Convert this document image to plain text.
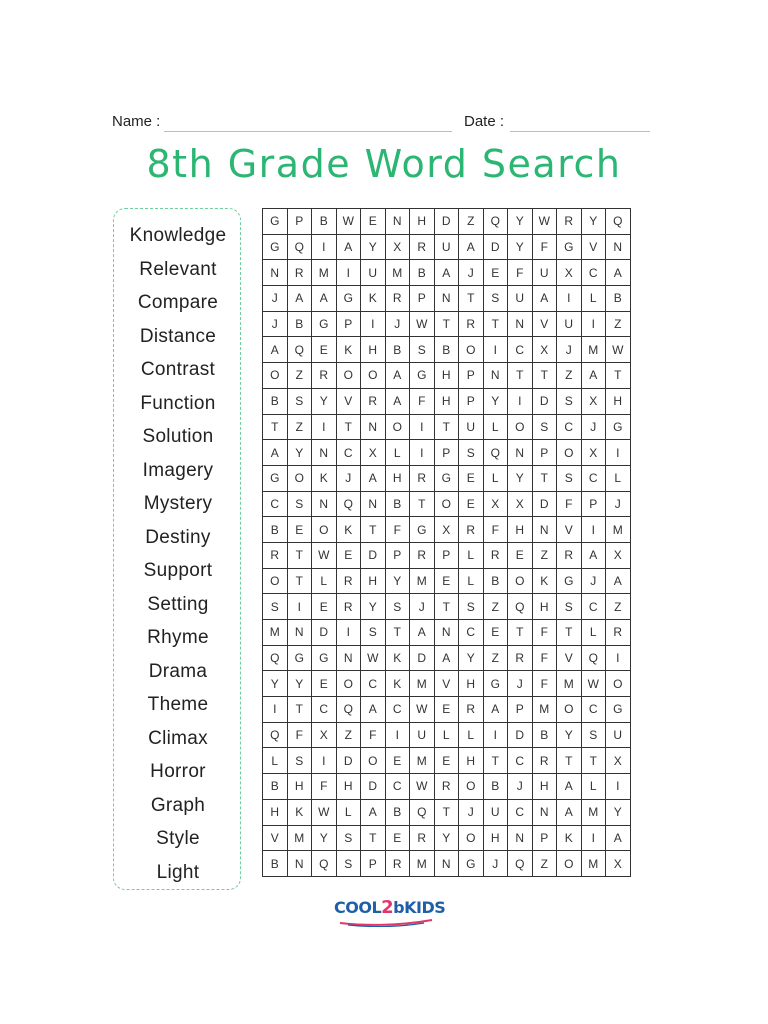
Name :	Date :
8th Grade Word Search
Knowledge
Relevant
Compare
Distance
Contrast
Function
Solution
Imagery
Mystery
Destiny
Support
Setting
Rhyme
Drama
Theme
Climax
Horror
Graph
Style
Light
G	P	B	W	E	N	H	D	Z	Q	Y	W	R	Y	Q
G	Q	I	A	Y	X	R	U	A	D	Y	F	G	V	N
N	R	M	I	U	M	B	A	J	E	F	U	X	C	A
J	A	A	G	K	R	P	N	T	S	U	A	I	L	B
J	B	G	P	I	J	W	T	R	T	N	V	U	I	Z
A	Q	E	K	H	B	S	B	O	I	C	X	J	M	W
O	Z	R	O	O	A	G	H	P	N	T	T	Z	A	T
B	S	Y	V	R	A	F	H	P	Y	I	D	S	X	H
T	Z	I	T	N	O	I	T	U	L	O	S	C	J	G
A	Y	N	C	X	L	I	P	S	Q	N	P	O	X	I
G	O	K	J	A	H	R	G	E	L	Y	T	S	C	L
C	S	N	Q	N	B	T	O	E	X	X	D	F	P	J
B	E	O	K	T	F	G	X	R	F	H	N	V	I	M
R	T	W	E	D	P	R	P	L	R	E	Z	R	A	X
O	T	L	R	H	Y	M	E	L	B	O	K	G	J	A
S	I	E	R	Y	S	J	T	S	Z	Q	H	S	C	Z
M	N	D	I	S	T	A	N	C	E	T	F	T	L	R
Q	G	G	N	W	K	D	A	Y	Z	R	F	V	Q	I
Y	Y	E	O	C	K	M	V	H	G	J	F	M	W	O
I	T	C	Q	A	C	W	E	R	A	P	M	O	C	G
Q	F	X	Z	F	I	U	L	L	I	D	B	Y	S	U
L	S	I	D	O	E	M	E	H	T	C	R	T	T	X
B	H	F	H	D	C	W	R	O	B	J	H	A	L	I
H	K	W	L	A	B	Q	T	J	U	C	N	A	M	Y
V	M	Y	S	T	E	R	Y	O	H	N	P	K	I	A
B	N	Q	S	P	R	M	N	G	J	Q	Z	O	M	X
COOL2bKIDS
